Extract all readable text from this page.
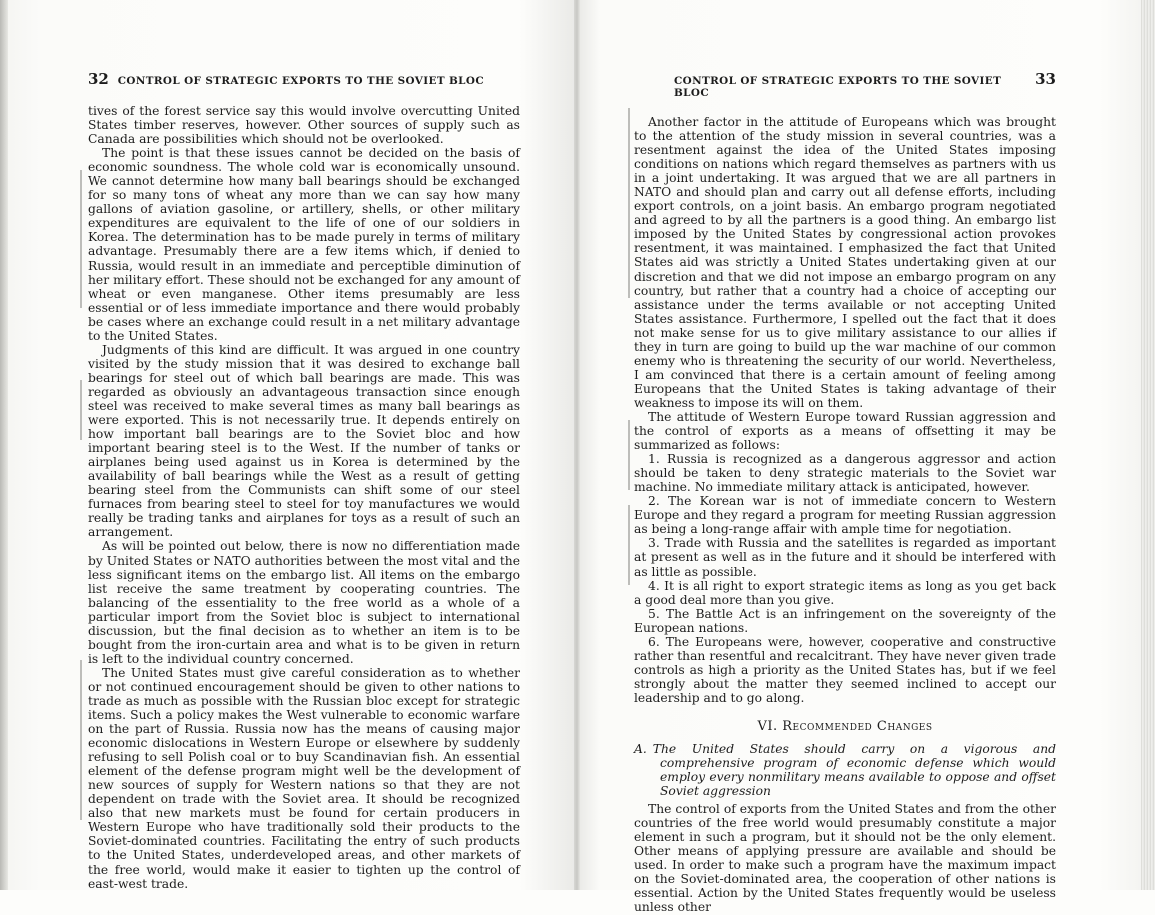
32 CONTROL OF STRATEGIC EXPORTS TO THE SOVIET BLOC

tives of the forest service say this would involve overcutting United States timber reserves, however. Other sources of supply such as Canada are possibilities which should not be overlooked.

The point is that these issues cannot be decided on the basis of economic soundness. The whole cold war is economically unsound. We cannot determine how many ball bearings should be exchanged for so many tons of wheat any more than we can say how many gallons of aviation gasoline, or artillery, shells, or other military expenditures are equivalent to the life of one of our soldiers in Korea. The determination has to be made purely in terms of military advantage. Presumably there are a few items which, if denied to Russia, would result in an immediate and perceptible diminution of her military effort. These should not be exchanged for any amount of wheat or even manganese. Other items presumably are less essential or of less immediate importance and there would probably be cases where an exchange could result in a net military advantage to the United States.

Judgments of this kind are difficult. It was argued in one country visited by the study mission that it was desired to exchange ball bearings for steel out of which ball bearings are made. This was regarded as obviously an advantageous transaction since enough steel was received to make several times as many ball bearings as were exported. This is not necessarily true. It depends entirely on how important ball bearings are to the Soviet bloc and how important bearing steel is to the West. If the number of tanks or airplanes being used against us in Korea is determined by the availability of ball bearings while the West as a result of getting bearing steel from the Communists can shift some of our steel furnaces from bearing steel to steel for toy manufactures we would really be trading tanks and airplanes for toys as a result of such an arrangement.

As will be pointed out below, there is now no differentiation made by United States or NATO authorities between the most vital and the less significant items on the embargo list. All items on the embargo list receive the same treatment by cooperating countries. The balancing of the essentiality to the free world as a whole of a particular import from the Soviet bloc is subject to international discussion, but the final decision as to whether an item is to be bought from the iron-curtain area and what is to be given in return is left to the individual country concerned.

The United States must give careful consideration as to whether or not continued encouragement should be given to other nations to trade as much as possible with the Russian bloc except for strategic items. Such a policy makes the West vulnerable to economic warfare on the part of Russia. Russia now has the means of causing major economic dislocations in Western Europe or elsewhere by suddenly refusing to sell Polish coal or to buy Scandinavian fish. An essential element of the defense program might well be the development of new sources of supply for Western nations so that they are not dependent on trade with the Soviet area. It should be recognized also that new markets must be found for certain producers in Western Europe who have traditionally sold their products to the Soviet-dominated countries. Facilitating the entry of such products to the United States, underdeveloped areas, and other markets of the free world, would make it easier to tighten up the control of east-west trade.

CONTROL OF STRATEGIC EXPORTS TO THE SOVIET BLOC
33

Another factor in the attitude of Europeans which was brought to the attention of the study mission in several countries, was a resentment against the idea of the United States imposing conditions on nations which regard themselves as partners with us in a joint undertaking. It was argued that we are all partners in NATO and should plan and carry out all defense efforts, including export controls, on a joint basis. An embargo program negotiated and agreed to by all the partners is a good thing. An embargo list imposed by the United States by congressional action provokes resentment, it was maintained. I emphasized the fact that United States aid was strictly a United States undertaking given at our discretion and that we did not impose an embargo program on any country, but rather that a country had a choice of accepting our assistance under the terms available or not accepting United States assistance. Furthermore, I spelled out the fact that it does not make sense for us to give military assistance to our allies if they in turn are going to build up the war machine of our common enemy who is threatening the security of our world. Nevertheless, I am convinced that there is a certain amount of feeling among Europeans that the United States is taking advantage of their weakness to impose its will on them.

The attitude of Western Europe toward Russian aggression and the control of exports as a means of offsetting it may be summarized as follows:

1. Russia is recognized as a dangerous aggressor and action should be taken to deny strategic materials to the Soviet war machine. No immediate military attack is anticipated, however.

2. The Korean war is not of immediate concern to Western Europe and they regard a program for meeting Russian aggression as being a long-range affair with ample time for negotiation.

3. Trade with Russia and the satellites is regarded as important at present as well as in the future and it should be interfered with as little as possible.

4. It is all right to export strategic items as long as you get back a good deal more than you give.

5. The Battle Act is an infringement on the sovereignty of the European nations.

6. The Europeans were, however, cooperative and constructive rather than resentful and recalcitrant. They have never given trade controls as high a priority as the United States has, but if we feel strongly about the matter they seemed inclined to accept our leadership and to go along.

VI. Recommended Changes
A. The United States should carry on a vigorous and comprehensive program of economic defense which would employ every nonmilitary means available to oppose and offset Soviet aggression

The control of exports from the United States and from the other countries of the free world would presumably constitute a major element in such a program, but it should not be the only element. Other means of applying pressure are available and should be used. In order to make such a program have the maximum impact on the Soviet-dominated area, the cooperation of other nations is essential. Action by the United States frequently would be useless unless other
